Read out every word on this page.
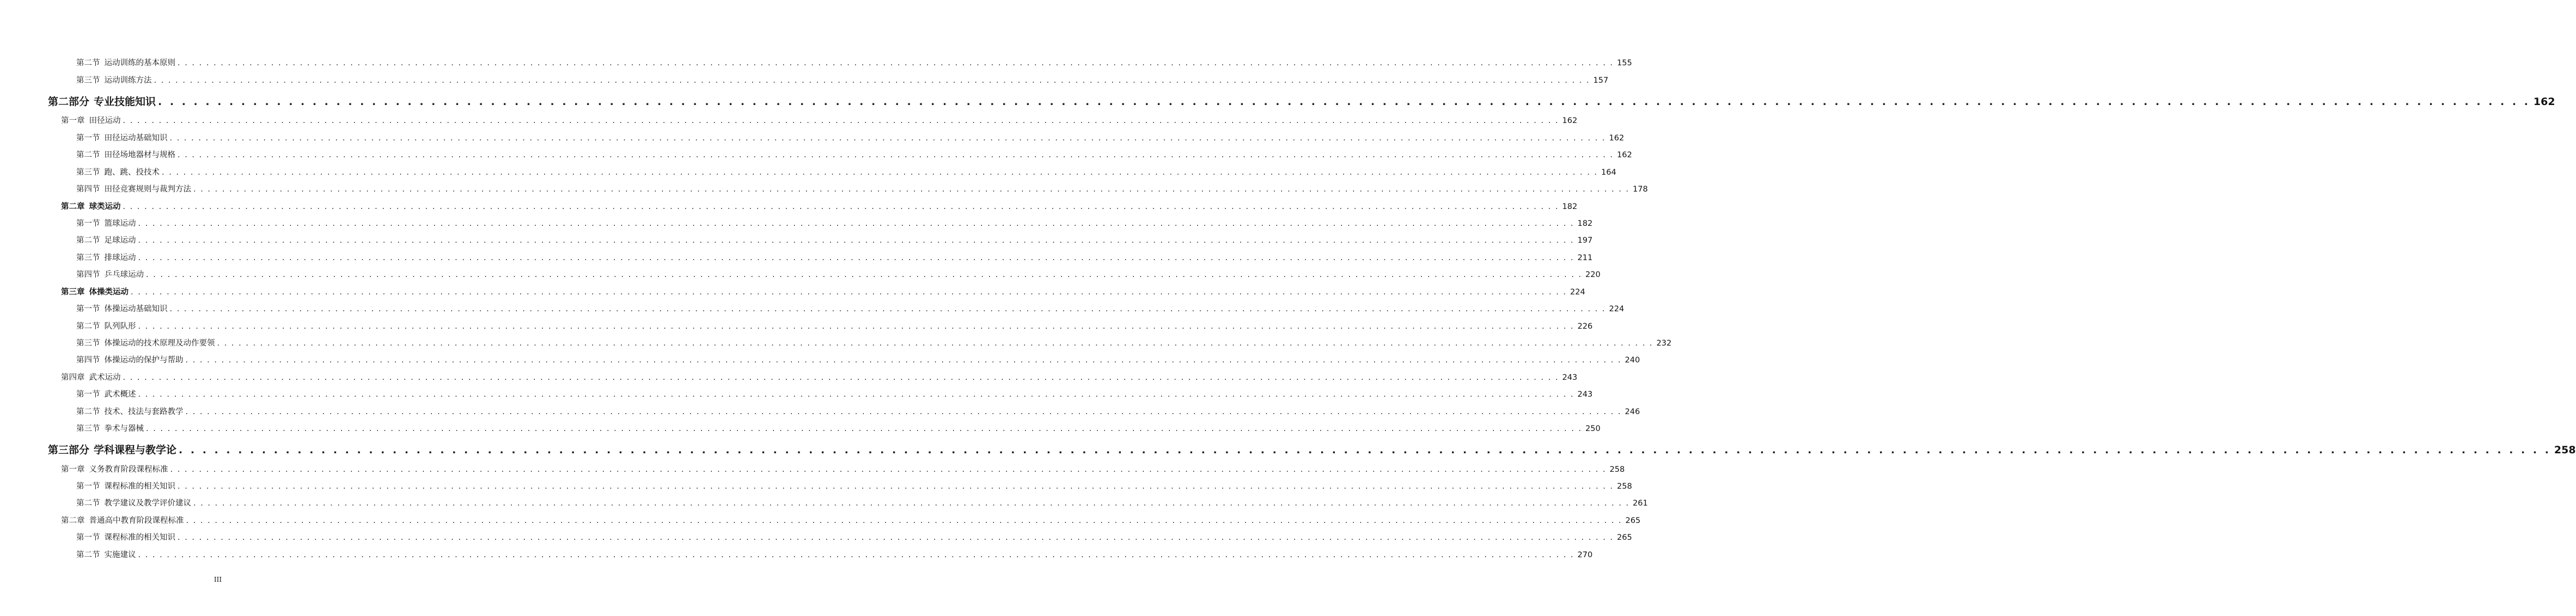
第二节 运动训练的基本原则 . . . . . . . . . . . . . . . . . . . . . . . . . . . . . . . . . . . . . . . . . . . . . . . . . . . . . . . . . . . . . . . . . . . . . . . . . . . . . . . . . . . . . . . . . . . . . . . . . . . . . . . . . . . . . . . . . . . . . . . . . . . . . . . . . . . . . . . . . . . . . . . . . . . . . . . . . . . . . . . . . . . . . . . . . . . . . . . . . . . . . . . . . . . . . . . . . . . . . . . . 155
第三节 运动训练方法 . . . . . . . . . . . . . . . . . . . . . . . . . . . . . . . . . . . . . . . . . . . . . . . . . . . . . . . . . . . . . . . . . . . . . . . . . . . . . . . . . . . . . . . . . . . . . . . . . . . . . . . . . . . . . . . . . . . . . . . . . . . . . . . . . . . . . . . . . . . . . . . . . . . . . . . . . . . . . . . . . . . . . . . . . . . . . . . . . . . . . . . . . . . . . . . . . . . . . . . . 157
第二部分 专业技能知识 . . . . . . . . . . . . . . . . . . . . . . . . . . . . . . . . . . . . . . . . . . . . . . . . . . . . . . . . . . . . . . . . . . . . . . . . . . . . . . . . . . . . . . . . . . . . . . . . . . . . . . . . . . . . . . . . . . . . . . . . . . . . . . . . . . . . . . . . . . . . . . . . . . . . . . . . . . . . . . . . . . . . . . . . . . . . . . . . . . . . . . . . . . . . . . . . . . . . . . . . 162
第一章 田径运动 . . . . . . . . . . . . . . . . . . . . . . . . . . . . . . . . . . . . . . . . . . . . . . . . . . . . . . . . . . . . . . . . . . . . . . . . . . . . . . . . . . . . . . . . . . . . . . . . . . . . . . . . . . . . . . . . . . . . . . . . . . . . . . . . . . . . . . . . . . . . . . . . . . . . . . . . . . . . . . . . . . . . . . . . . . . . . . . . . . . . . . . . . . . . . . . . . . . . . . . . 162
第一节 田径运动基础知识 . . . . . . . . . . . . . . . . . . . . . . . . . . . . . . . . . . . . . . . . . . . . . . . . . . . . . . . . . . . . . . . . . . . . . . . . . . . . . . . . . . . . . . . . . . . . . . . . . . . . . . . . . . . . . . . . . . . . . . . . . . . . . . . . . . . . . . . . . . . . . . . . . . . . . . . . . . . . . . . . . . . . . . . . . . . . . . . . . . . . . . . . . . . . . . . . . . . . . . . . 162
第二节 田径场地器材与规格 . . . . . . . . . . . . . . . . . . . . . . . . . . . . . . . . . . . . . . . . . . . . . . . . . . . . . . . . . . . . . . . . . . . . . . . . . . . . . . . . . . . . . . . . . . . . . . . . . . . . . . . . . . . . . . . . . . . . . . . . . . . . . . . . . . . . . . . . . . . . . . . . . . . . . . . . . . . . . . . . . . . . . . . . . . . . . . . . . . . . . . . . . . . . . . . . . . . . . . . . 162
第三节 跑、跳、投技术 . . . . . . . . . . . . . . . . . . . . . . . . . . . . . . . . . . . . . . . . . . . . . . . . . . . . . . . . . . . . . . . . . . . . . . . . . . . . . . . . . . . . . . . . . . . . . . . . . . . . . . . . . . . . . . . . . . . . . . . . . . . . . . . . . . . . . . . . . . . . . . . . . . . . . . . . . . . . . . . . . . . . . . . . . . . . . . . . . . . . . . . . . . . . . . . . . . . . . . . . 164
第四节 田径竞赛规则与裁判方法 . . . . . . . . . . . . . . . . . . . . . . . . . . . . . . . . . . . . . . . . . . . . . . . . . . . . . . . . . . . . . . . . . . . . . . . . . . . . . . . . . . . . . . . . . . . . . . . . . . . . . . . . . . . . . . . . . . . . . . . . . . . . . . . . . . . . . . . . . . . . . . . . . . . . . . . . . . . . . . . . . . . . . . . . . . . . . . . . . . . . . . . . . . . . . . . . . . . . . . . . 178
第二章 球类运动 . . . . . . . . . . . . . . . . . . . . . . . . . . . . . . . . . . . . . . . . . . . . . . . . . . . . . . . . . . . . . . . . . . . . . . . . . . . . . . . . . . . . . . . . . . . . . . . . . . . . . . . . . . . . . . . . . . . . . . . . . . . . . . . . . . . . . . . . . . . . . . . . . . . . . . . . . . . . . . . . . . . . . . . . . . . . . . . . . . . . . . . . . . . . . . . . . . . . . . . . 182
第一节 篮球运动 . . . . . . . . . . . . . . . . . . . . . . . . . . . . . . . . . . . . . . . . . . . . . . . . . . . . . . . . . . . . . . . . . . . . . . . . . . . . . . . . . . . . . . . . . . . . . . . . . . . . . . . . . . . . . . . . . . . . . . . . . . . . . . . . . . . . . . . . . . . . . . . . . . . . . . . . . . . . . . . . . . . . . . . . . . . . . . . . . . . . . . . . . . . . . . . . . . . . . . . . 182
第二节 足球运动 . . . . . . . . . . . . . . . . . . . . . . . . . . . . . . . . . . . . . . . . . . . . . . . . . . . . . . . . . . . . . . . . . . . . . . . . . . . . . . . . . . . . . . . . . . . . . . . . . . . . . . . . . . . . . . . . . . . . . . . . . . . . . . . . . . . . . . . . . . . . . . . . . . . . . . . . . . . . . . . . . . . . . . . . . . . . . . . . . . . . . . . . . . . . . . . . . . . . . . . . 197
第三节 排球运动 . . . . . . . . . . . . . . . . . . . . . . . . . . . . . . . . . . . . . . . . . . . . . . . . . . . . . . . . . . . . . . . . . . . . . . . . . . . . . . . . . . . . . . . . . . . . . . . . . . . . . . . . . . . . . . . . . . . . . . . . . . . . . . . . . . . . . . . . . . . . . . . . . . . . . . . . . . . . . . . . . . . . . . . . . . . . . . . . . . . . . . . . . . . . . . . . . . . . . . . . 211
第四节 乒乓球运动 . . . . . . . . . . . . . . . . . . . . . . . . . . . . . . . . . . . . . . . . . . . . . . . . . . . . . . . . . . . . . . . . . . . . . . . . . . . . . . . . . . . . . . . . . . . . . . . . . . . . . . . . . . . . . . . . . . . . . . . . . . . . . . . . . . . . . . . . . . . . . . . . . . . . . . . . . . . . . . . . . . . . . . . . . . . . . . . . . . . . . . . . . . . . . . . . . . . . . . . . 220
第三章 体操类运动 . . . . . . . . . . . . . . . . . . . . . . . . . . . . . . . . . . . . . . . . . . . . . . . . . . . . . . . . . . . . . . . . . . . . . . . . . . . . . . . . . . . . . . . . . . . . . . . . . . . . . . . . . . . . . . . . . . . . . . . . . . . . . . . . . . . . . . . . . . . . . . . . . . . . . . . . . . . . . . . . . . . . . . . . . . . . . . . . . . . . . . . . . . . . . . . . . . . . . . . . 224
第一节 体操运动基础知识 . . . . . . . . . . . . . . . . . . . . . . . . . . . . . . . . . . . . . . . . . . . . . . . . . . . . . . . . . . . . . . . . . . . . . . . . . . . . . . . . . . . . . . . . . . . . . . . . . . . . . . . . . . . . . . . . . . . . . . . . . . . . . . . . . . . . . . . . . . . . . . . . . . . . . . . . . . . . . . . . . . . . . . . . . . . . . . . . . . . . . . . . . . . . . . . . . . . . . . . . 224
第二节 队列队形 . . . . . . . . . . . . . . . . . . . . . . . . . . . . . . . . . . . . . . . . . . . . . . . . . . . . . . . . . . . . . . . . . . . . . . . . . . . . . . . . . . . . . . . . . . . . . . . . . . . . . . . . . . . . . . . . . . . . . . . . . . . . . . . . . . . . . . . . . . . . . . . . . . . . . . . . . . . . . . . . . . . . . . . . . . . . . . . . . . . . . . . . . . . . . . . . . . . . . . . . 226
第三节 体操运动的技术原理及动作要领 . . . . . . . . . . . . . . . . . . . . . . . . . . . . . . . . . . . . . . . . . . . . . . . . . . . . . . . . . . . . . . . . . . . . . . . . . . . . . . . . . . . . . . . . . . . . . . . . . . . . . . . . . . . . . . . . . . . . . . . . . . . . . . . . . . . . . . . . . . . . . . . . . . . . . . . . . . . . . . . . . . . . . . . . . . . . . . . . . . . . . . . . . . . . . . . . . . . . . . . . 232
第四节 体操运动的保护与帮助 . . . . . . . . . . . . . . . . . . . . . . . . . . . . . . . . . . . . . . . . . . . . . . . . . . . . . . . . . . . . . . . . . . . . . . . . . . . . . . . . . . . . . . . . . . . . . . . . . . . . . . . . . . . . . . . . . . . . . . . . . . . . . . . . . . . . . . . . . . . . . . . . . . . . . . . . . . . . . . . . . . . . . . . . . . . . . . . . . . . . . . . . . . . . . . . . . . . . . . . . 240
第四章 武术运动 . . . . . . . . . . . . . . . . . . . . . . . . . . . . . . . . . . . . . . . . . . . . . . . . . . . . . . . . . . . . . . . . . . . . . . . . . . . . . . . . . . . . . . . . . . . . . . . . . . . . . . . . . . . . . . . . . . . . . . . . . . . . . . . . . . . . . . . . . . . . . . . . . . . . . . . . . . . . . . . . . . . . . . . . . . . . . . . . . . . . . . . . . . . . . . . . . . . . . . . . 243
第一节 武术概述 . . . . . . . . . . . . . . . . . . . . . . . . . . . . . . . . . . . . . . . . . . . . . . . . . . . . . . . . . . . . . . . . . . . . . . . . . . . . . . . . . . . . . . . . . . . . . . . . . . . . . . . . . . . . . . . . . . . . . . . . . . . . . . . . . . . . . . . . . . . . . . . . . . . . . . . . . . . . . . . . . . . . . . . . . . . . . . . . . . . . . . . . . . . . . . . . . . . . . . . . 243
第二节 技术、技法与套路教学 . . . . . . . . . . . . . . . . . . . . . . . . . . . . . . . . . . . . . . . . . . . . . . . . . . . . . . . . . . . . . . . . . . . . . . . . . . . . . . . . . . . . . . . . . . . . . . . . . . . . . . . . . . . . . . . . . . . . . . . . . . . . . . . . . . . . . . . . . . . . . . . . . . . . . . . . . . . . . . . . . . . . . . . . . . . . . . . . . . . . . . . . . . . . . . . . . . . . . . . . 246
第三节 拳术与器械 . . . . . . . . . . . . . . . . . . . . . . . . . . . . . . . . . . . . . . . . . . . . . . . . . . . . . . . . . . . . . . . . . . . . . . . . . . . . . . . . . . . . . . . . . . . . . . . . . . . . . . . . . . . . . . . . . . . . . . . . . . . . . . . . . . . . . . . . . . . . . . . . . . . . . . . . . . . . . . . . . . . . . . . . . . . . . . . . . . . . . . . . . . . . . . . . . . . . . . . . 250
第三部分 学科课程与教学论 . . . . . . . . . . . . . . . . . . . . . . . . . . . . . . . . . . . . . . . . . . . . . . . . . . . . . . . . . . . . . . . . . . . . . . . . . . . . . . . . . . . . . . . . . . . . . . . . . . . . . . . . . . . . . . . . . . . . . . . . . . . . . . . . . . . . . . . . . . . . . . . . . . . . . . . . . . . . . . . . . . . . . . . . . . . . . . . . . . . . . . . . . . . . . . . . . . . . . . . . 258
第一章 义务教育阶段课程标准 . . . . . . . . . . . . . . . . . . . . . . . . . . . . . . . . . . . . . . . . . . . . . . . . . . . . . . . . . . . . . . . . . . . . . . . . . . . . . . . . . . . . . . . . . . . . . . . . . . . . . . . . . . . . . . . . . . . . . . . . . . . . . . . . . . . . . . . . . . . . . . . . . . . . . . . . . . . . . . . . . . . . . . . . . . . . . . . . . . . . . . . . . . . . . . . . . . . . . . . . 258
第一节 课程标准的相关知识 . . . . . . . . . . . . . . . . . . . . . . . . . . . . . . . . . . . . . . . . . . . . . . . . . . . . . . . . . . . . . . . . . . . . . . . . . . . . . . . . . . . . . . . . . . . . . . . . . . . . . . . . . . . . . . . . . . . . . . . . . . . . . . . . . . . . . . . . . . . . . . . . . . . . . . . . . . . . . . . . . . . . . . . . . . . . . . . . . . . . . . . . . . . . . . . . . . . . . . . . 258
第二节 教学建议及教学评价建议 . . . . . . . . . . . . . . . . . . . . . . . . . . . . . . . . . . . . . . . . . . . . . . . . . . . . . . . . . . . . . . . . . . . . . . . . . . . . . . . . . . . . . . . . . . . . . . . . . . . . . . . . . . . . . . . . . . . . . . . . . . . . . . . . . . . . . . . . . . . . . . . . . . . . . . . . . . . . . . . . . . . . . . . . . . . . . . . . . . . . . . . . . . . . . . . . . . . . . . . . 261
第二章 普通高中教育阶段课程标准 . . . . . . . . . . . . . . . . . . . . . . . . . . . . . . . . . . . . . . . . . . . . . . . . . . . . . . . . . . . . . . . . . . . . . . . . . . . . . . . . . . . . . . . . . . . . . . . . . . . . . . . . . . . . . . . . . . . . . . . . . . . . . . . . . . . . . . . . . . . . . . . . . . . . . . . . . . . . . . . . . . . . . . . . . . . . . . . . . . . . . . . . . . . . . . . . . . . . . . . . 265
第一节 课程标准的相关知识 . . . . . . . . . . . . . . . . . . . . . . . . . . . . . . . . . . . . . . . . . . . . . . . . . . . . . . . . . . . . . . . . . . . . . . . . . . . . . . . . . . . . . . . . . . . . . . . . . . . . . . . . . . . . . . . . . . . . . . . . . . . . . . . . . . . . . . . . . . . . . . . . . . . . . . . . . . . . . . . . . . . . . . . . . . . . . . . . . . . . . . . . . . . . . . . . . . . . . . . . 265
第二节 实施建议 . . . . . . . . . . . . . . . . . . . . . . . . . . . . . . . . . . . . . . . . . . . . . . . . . . . . . . . . . . . . . . . . . . . . . . . . . . . . . . . . . . . . . . . . . . . . . . . . . . . . . . . . . . . . . . . . . . . . . . . . . . . . . . . . . . . . . . . . . . . . . . . . . . . . . . . . . . . . . . . . . . . . . . . . . . . . . . . . . . . . . . . . . . . . . . . . . . . . . . . . 270
III
